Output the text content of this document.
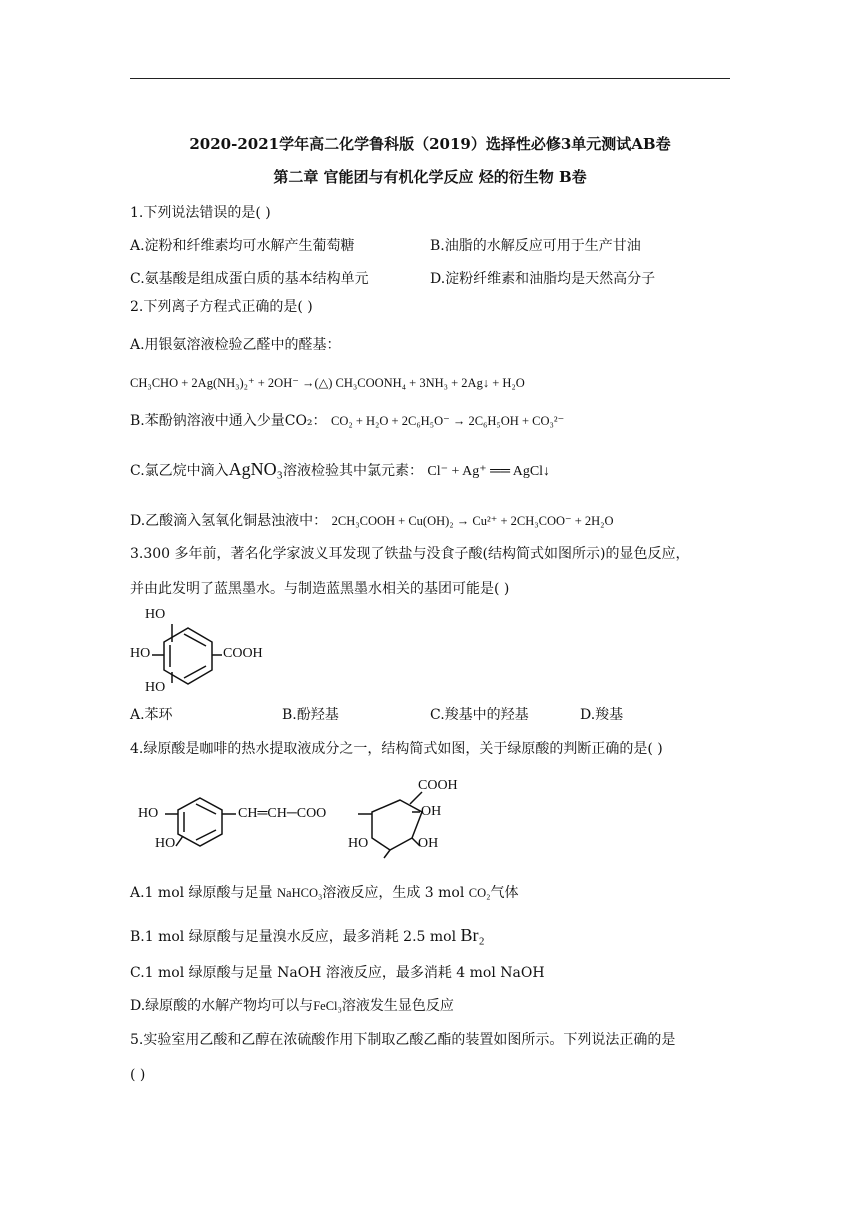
2020-2021学年高二化学鲁科版（2019）选择性必修3单元测试AB卷
第二章 官能团与有机化学反应 烃的衍生物 B卷
1.下列说法错误的是( )
A.淀粉和纤维素均可水解产生葡萄糖	B.油脂的水解反应可用于生产甘油
C.氨基酸是组成蛋白质的基本结构单元	D.淀粉纤维素和油脂均是天然高分子
2.下列离子方程式正确的是( )
A.用银氨溶液检验乙醛中的醛基：
CH₃CHO + 2Ag(NH₃)₂⁺ + 2OH⁻ →(△) CH₃COONH₄ + 3NH₃ + 2Ag↓ + H₂O
B.苯酚钠溶液中通入少量CO₂： CO₂ + H₂O + 2C₆H₅O⁻ → 2C₆H₅OH + CO₃²⁻
C.氯乙烷中滴入AgNO₃溶液检验其中氯元素： Cl⁻ + Ag⁺ ══ AgCl↓
D.乙酸滴入氢氧化铜悬浊液中： 2CH₃COOH + Cu(OH)₂ → Cu²⁺ + 2CH₃COO⁻ + 2H₂O
3.300 多年前，著名化学家波义耳发现了铁盐与没食子酸(结构简式如图所示)的显色反应，
并由此发明了蓝黑墨水。与制造蓝黑墨水相关的基团可能是( )
HO
HO
HO
COOH
A.苯环	B.酚羟基	C.羧基中的羟基	D.羧基
4.绿原酸是咖啡的热水提取液成分之一，结构简式如图，关于绿原酸的判断正确的是( )
HO
HO
CH═CH─COO
COOH
OH
HO	OH
A.1 mol 绿原酸与足量 NaHCO₃溶液反应，生成 3 mol CO₂气体
B.1 mol 绿原酸与足量溴水反应，最多消耗 2.5 mol Br₂
C.1 mol 绿原酸与足量 NaOH 溶液反应，最多消耗 4 mol NaOH
D.绿原酸的水解产物均可以与FeCl₃溶液发生显色反应
5.实验室用乙酸和乙醇在浓硫酸作用下制取乙酸乙酯的装置如图所示。下列说法正确的是
( )
